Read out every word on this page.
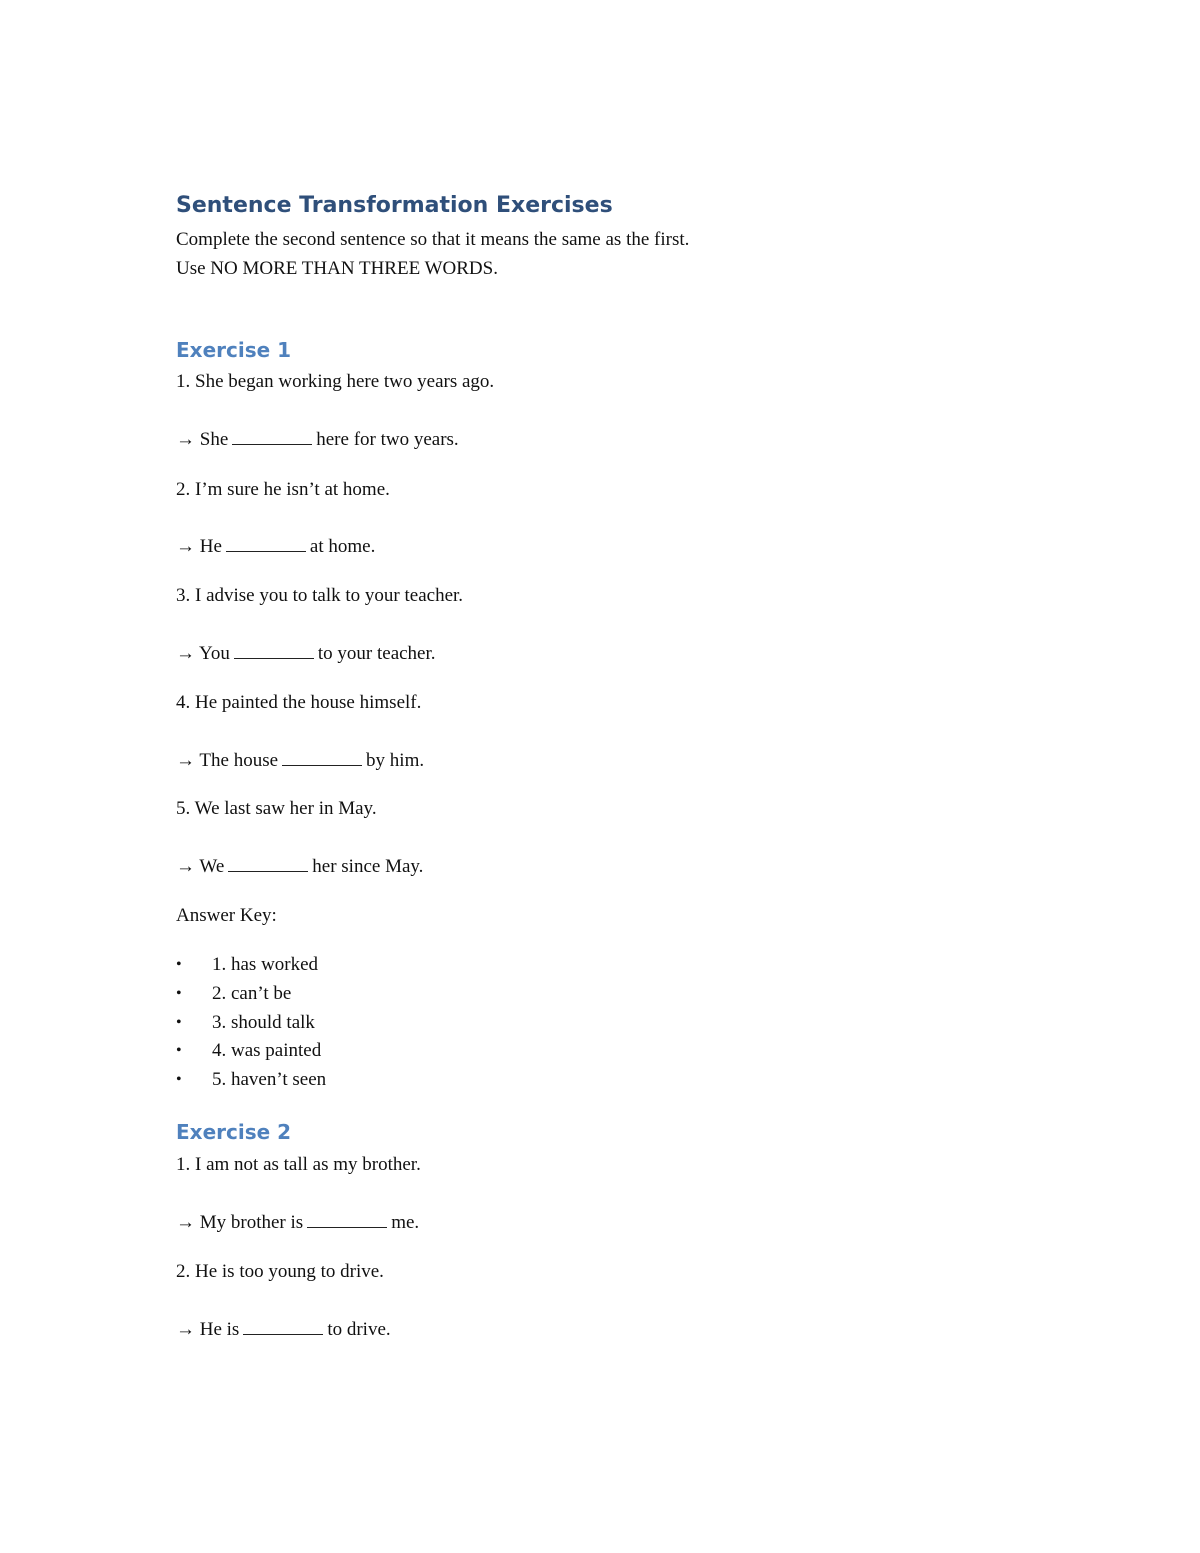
Sentence Transformation Exercises
Complete the second sentence so that it means the same as the first.
Use NO MORE THAN THREE WORDS.
Exercise 1
1. She began working here two years ago.
→ She	here for two years.
2. I’m sure he isn’t at home.
→ He	at home.
3. I advise you to talk to your teacher.
→ You	to your teacher.
4. He painted the house himself.
→ The house	by him.
5. We last saw her in May.
→ We	her since May.
Answer Key:
•	1. has worked
•	2. can’t be
•	3. should talk
•	4. was painted
•	5. haven’t seen
Exercise 2
1. I am not as tall as my brother.
→ My brother is	me.
2. He is too young to drive.
→ He is	to drive.
